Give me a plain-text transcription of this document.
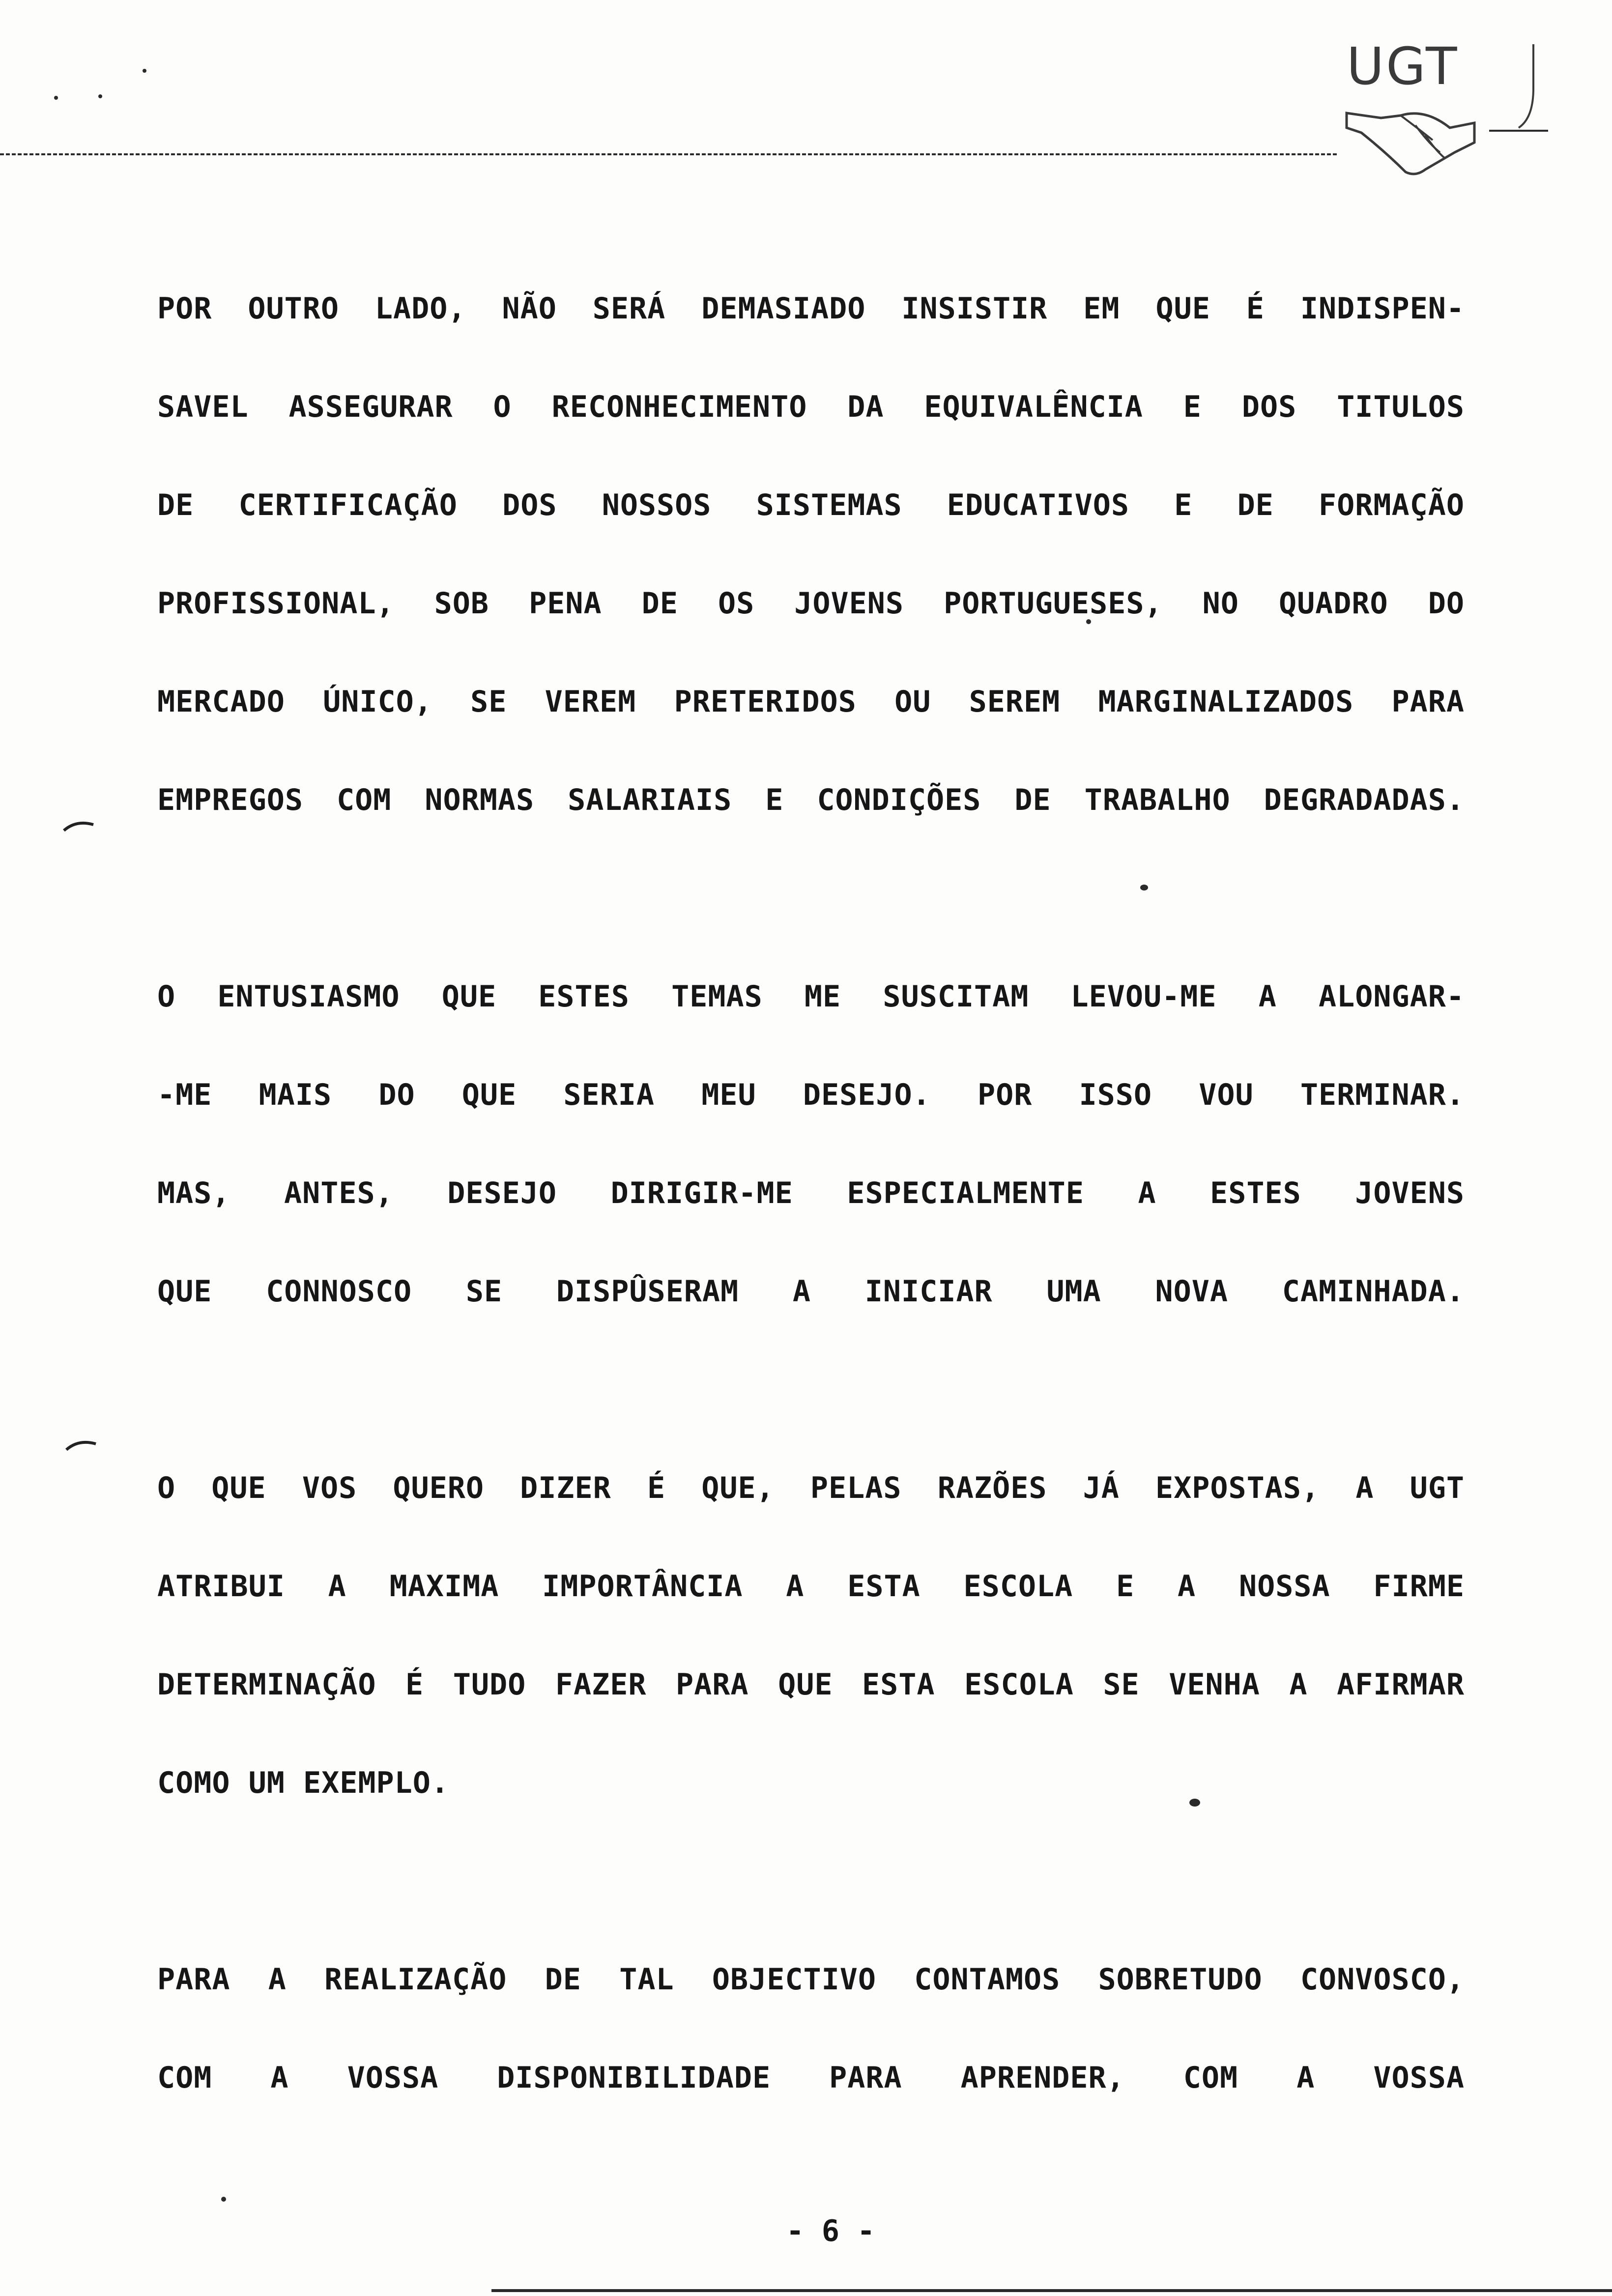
UGT
POR OUTRO LADO, NÃO SERÁ DEMASIADO INSISTIR EM QUE É INDISPEN-
SAVEL ASSEGURAR O RECONHECIMENTO DA EQUIVALÊNCIA E DOS TITULOS
DE CERTIFICAÇÃO DOS NOSSOS SISTEMAS EDUCATIVOS E DE FORMAÇÃO
PROFISSIONAL, SOB PENA DE OS JOVENS PORTUGUESES, NO QUADRO DO
MERCADO ÚNICO, SE VEREM PRETERIDOS OU SEREM MARGINALIZADOS PARA
EMPREGOS COM NORMAS SALARIAIS E CONDIÇÕES DE TRABALHO DEGRADADAS.
O ENTUSIASMO QUE ESTES TEMAS ME SUSCITAM LEVOU-ME A ALONGAR-
-ME MAIS DO QUE SERIA MEU DESEJO. POR ISSO VOU TERMINAR.
MAS, ANTES, DESEJO DIRIGIR-ME ESPECIALMENTE A ESTES JOVENS
QUE CONNOSCO SE DISPÛSERAM A INICIAR UMA NOVA CAMINHADA.
O QUE VOS QUERO DIZER É QUE, PELAS RAZÕES JÁ EXPOSTAS, A UGT
ATRIBUI A MAXIMA IMPORTÂNCIA A ESTA ESCOLA E A NOSSA FIRME
DETERMINAÇÃO É TUDO FAZER PARA QUE ESTA ESCOLA SE VENHA A AFIRMAR
COMO UM EXEMPLO.
PARA A REALIZAÇÃO DE TAL OBJECTIVO CONTAMOS SOBRETUDO CONVOSCO,
COM A VOSSA DISPONIBILIDADE PARA APRENDER, COM A VOSSA
- 6 -
